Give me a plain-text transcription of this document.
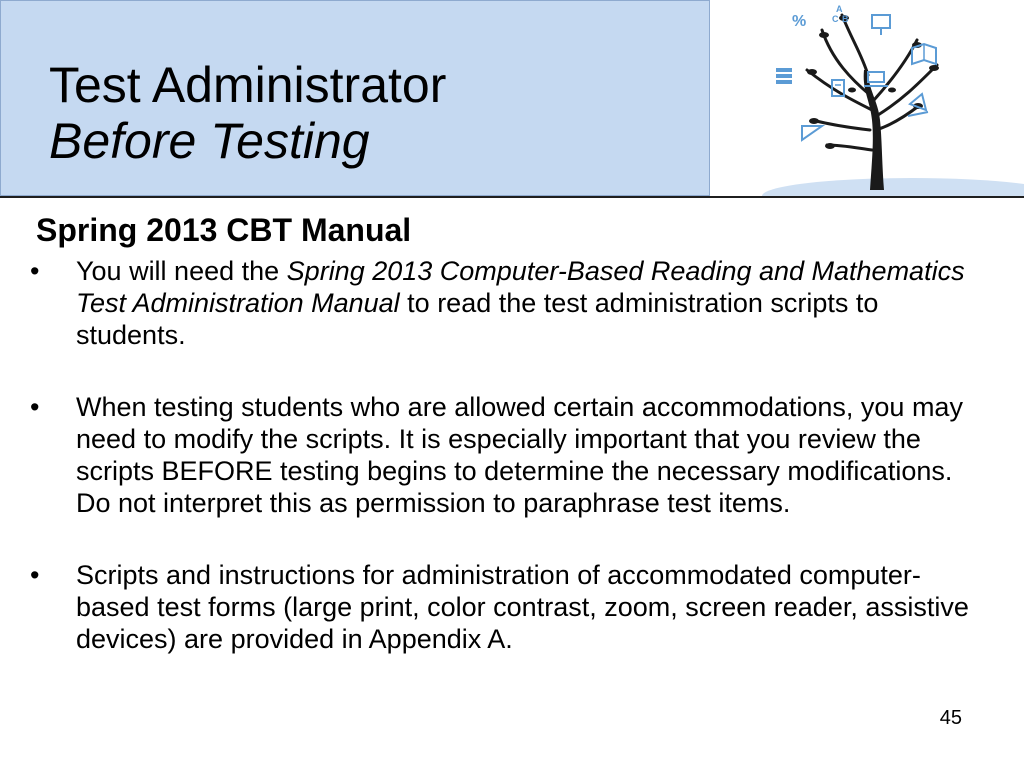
Test Administrator
Before Testing
%
A
C B
Spring 2013 CBT Manual
• You will need the Spring 2013 Computer-Based Reading and Mathematics Test Administration Manual to read the test administration scripts to students.
• When testing students who are allowed certain accommodations, you may need to modify the scripts. It is especially important that you review the scripts BEFORE testing begins to determine the necessary modifications. Do not interpret this as permission to paraphrase test items.
• Scripts and instructions for administration of accommodated computer-based test forms (large print, color contrast, zoom, screen reader, assistive devices) are provided in Appendix A.
45
